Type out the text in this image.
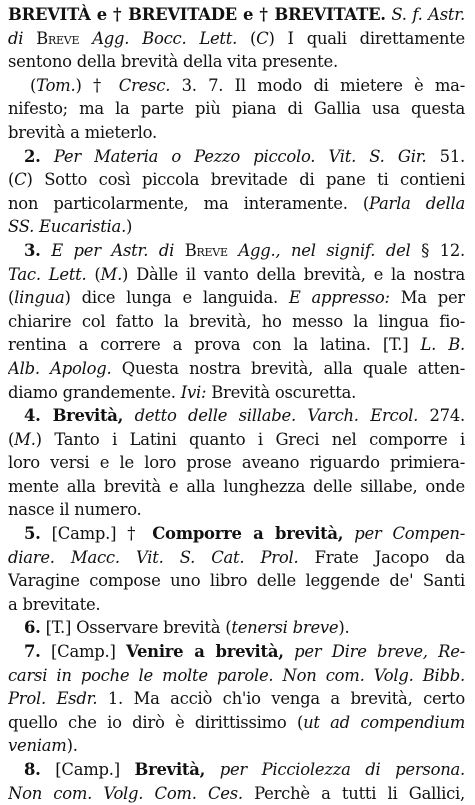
BREVITÀ e † BREVITADE e † BREVITATE. S. f. Astr.
di Breve Agg. Bocc. Lett. (C) I quali direttamente
sentono della brevità della vita presente.
(Tom.) † Cresc. 3. 7. Il modo di mietere è ma-
nifesto; ma la parte più piana di Gallia usa questa
brevità a mieterlo.
2. Per Materia o Pezzo piccolo. Vit. S. Gir. 51.
(C) Sotto così piccola brevitade di pane ti contieni
non particolarmente, ma interamente. (Parla della
SS. Eucaristia.)
3. E per Astr. di Breve Agg., nel signif. del § 12.
Tac. Lett. (M.) Dàlle il vanto della brevità, e la nostra
(lingua) dice lunga e languida. E appresso: Ma per
chiarire col fatto la brevità, ho messo la lingua fio-
rentina a correre a prova con la latina. [T.] L. B.
Alb. Apolog. Questa nostra brevità, alla quale atten-
diamo grandemente. Ivi: Brevità oscuretta.
4. Brevità, detto delle sillabe. Varch. Ercol. 274.
(M.) Tanto i Latini quanto i Greci nel comporre i
loro versi e le loro prose aveano riguardo primiera-
mente alla brevità e alla lunghezza delle sillabe, onde
nasce il numero.
5. [Camp.] † Comporre a brevità, per Compen-
diare. Macc. Vit. S. Cat. Prol. Frate Jacopo da
Varagine compose uno libro delle leggende de' Santi
a brevitate.
6. [T.] Osservare brevità (tenersi breve).
7. [Camp.] Venire a brevità, per Dire breve, Re-
carsi in poche le molte parole. Non com. Volg. Bibb.
Prol. Esdr. 1. Ma acciò ch'io venga a brevità, certo
quello che io dirò è dirittissimo (ut ad compendium
veniam).
8. [Camp.] Brevità, per Picciolezza di persona.
Non com. Volg. Com. Ces. Perchè a tutti li Gallici,
